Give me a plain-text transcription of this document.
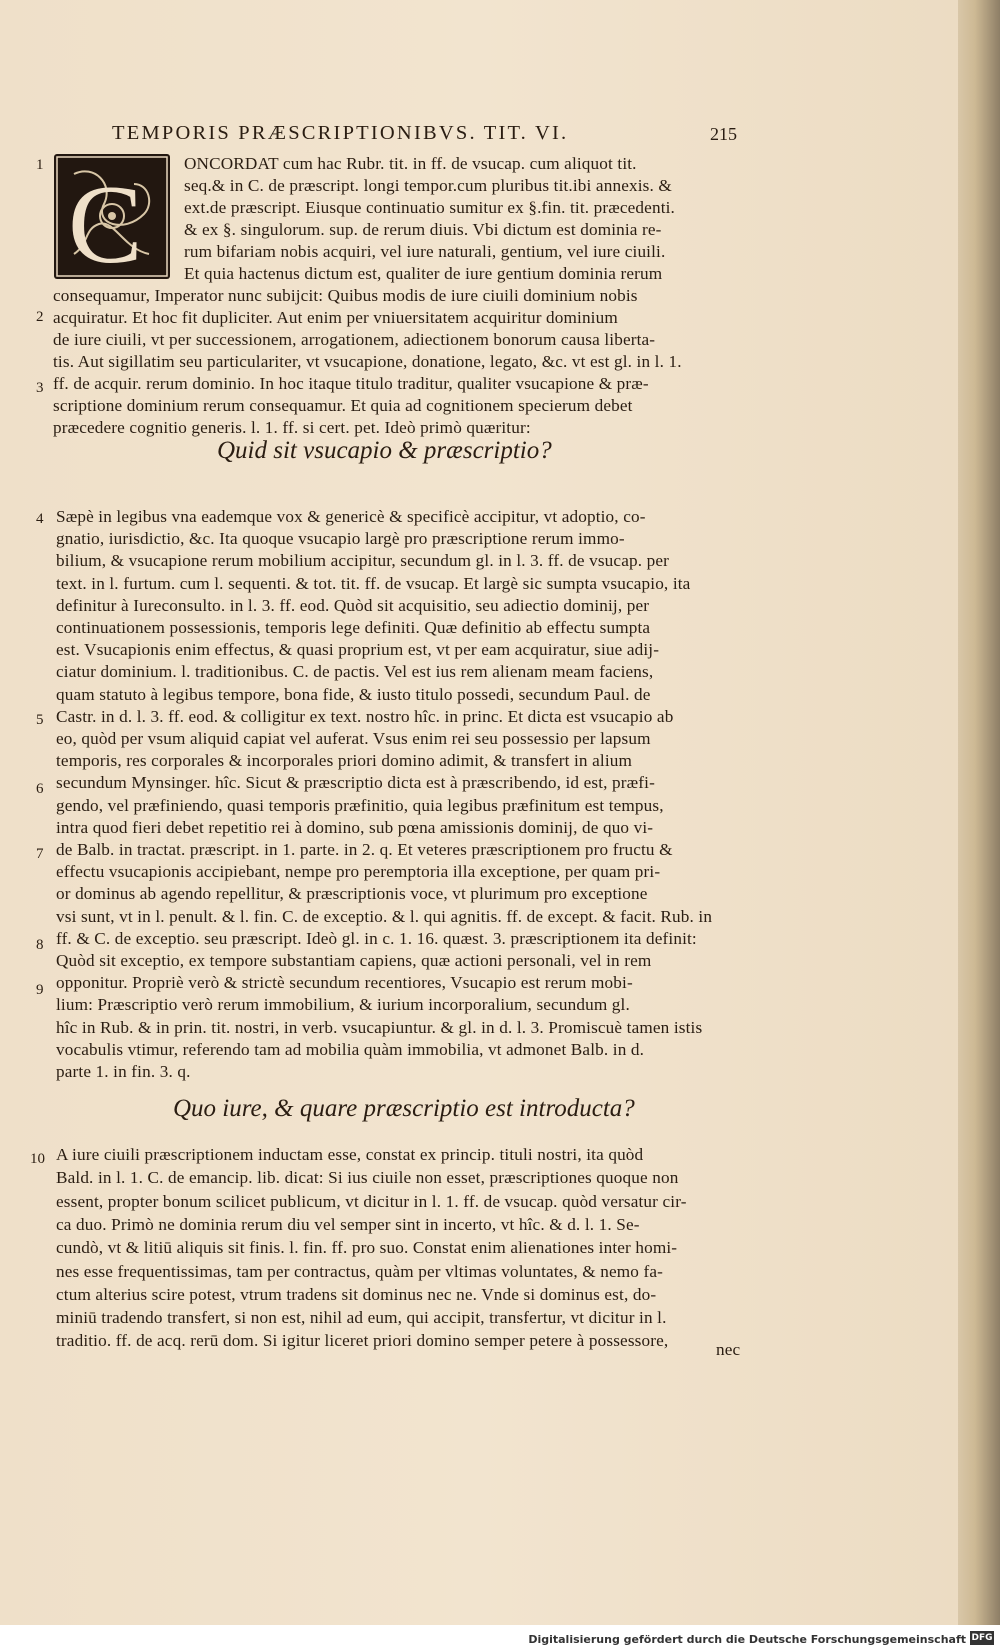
TEMPORIS PRÆSCRIPTIONIBVS. TIT. VI.	215
C ONCORDAT cum hac Rubr. tit. in ff. de vsucap. cum aliquot tit.
seq.& in C. de præscript. longi tempor.cum pluribus tit.ibi annexis. &
ext.de præscript. Eiusque continuatio sumitur ex §.fin. tit. præcedenti.
& ex §. singulorum. sup. de rerum diuis. Vbi dictum est dominia re-
rum bifariam nobis acquiri, vel iure naturali, gentium, vel iure ciuili.
Et quia hactenus dictum est, qualiter de iure gentium dominia rerum
consequamur, Imperator nunc subijcit: Quibus modis de iure ciuili dominium nobis
acquiratur. Et hoc fit dupliciter. Aut enim per vniuersitatem acquiritur dominium
de iure ciuili, vt per successionem, arrogationem, adiectionem bonorum causa liberta-
tis. Aut sigillatim seu particulariter, vt vsucapione, donatione, legato, &c. vt est gl. in l. 1.
ff. de acquir. rerum dominio. In hoc itaque titulo traditur, qualiter vsucapione & præ-
scriptione dominium rerum consequamur. Et quia ad cognitionem specierum debet
præcedere cognitio generis. l. 1. ff. si cert. pet. Ideò primò quæritur:
Quid sit vsucapio & præscriptio?
Sæpè in legibus vna eademque vox & genericè & specificè accipitur, vt adoptio, co-
gnatio, iurisdictio, &c. Ita quoque vsucapio largè pro præscriptione rerum immo-
bilium, & vsucapione rerum mobilium accipitur, secundum gl. in l. 3. ff. de vsucap. per
text. in l. furtum. cum l. sequenti. & tot. tit. ff. de vsucap. Et largè sic sumpta vsucapio, ita
definitur à Iureconsulto. in l. 3. ff. eod. Quòd sit acquisitio, seu adiectio dominij, per
continuationem possessionis, temporis lege definiti. Quæ definitio ab effectu sumpta
est. Vsucapionis enim effectus, & quasi proprium est, vt per eam acquiratur, siue adij-
ciatur dominium. l. traditionibus. C. de pactis. Vel est ius rem alienam meam faciens,
quam statuto à legibus tempore, bona fide, & iusto titulo possedi, secundum Paul. de
Castr. in d. l. 3. ff. eod. & colligitur ex text. nostro hîc. in princ. Et dicta est vsucapio ab
eo, quòd per vsum aliquid capiat vel auferat. Vsus enim rei seu possessio per lapsum
temporis, res corporales & incorporales priori domino adimit, & transfert in alium
secundum Mynsinger. hîc. Sicut & præscriptio dicta est à præscribendo, id est, præfi-
gendo, vel præfiniendo, quasi temporis præfinitio, quia legibus præfinitum est tempus,
intra quod fieri debet repetitio rei à domino, sub pœna amissionis dominij, de quo vi-
de Balb. in tractat. præscript. in 1. parte. in 2. q. Et veteres præscriptionem pro fructu &
effectu vsucapionis accipiebant, nempe pro peremptoria illa exceptione, per quam pri-
or dominus ab agendo repellitur, & præscriptionis voce, vt plurimum pro exceptione
vsi sunt, vt in l. penult. & l. fin. C. de exceptio. & l. qui agnitis. ff. de except. & facit. Rub. in
ff. & C. de exceptio. seu præscript. Ideò gl. in c. 1. 16. quæst. 3. præscriptionem ita definit:
Quòd sit exceptio, ex tempore substantiam capiens, quæ actioni personali, vel in rem
opponitur. Propriè verò & strictè secundum recentiores, Vsucapio est rerum mobi-
lium: Præscriptio verò rerum immobilium, & iurium incorporalium, secundum gl.
hîc in Rub. & in prin. tit. nostri, in verb. vsucapiuntur. & gl. in d. l. 3. Promiscuè tamen istis
vocabulis vtimur, referendo tam ad mobilia quàm immobilia, vt admonet Balb. in d.
parte 1. in fin. 3. q.
Quo iure, & quare præscriptio est introducta?
A iure ciuili præscriptionem inductam esse, constat ex princip. tituli nostri, ita quòd
Bald. in l. 1. C. de emancip. lib. dicat: Si ius ciuile non esset, præscriptiones quoque non
essent, propter bonum scilicet publicum, vt dicitur in l. 1. ff. de vsucap. quòd versatur cir-
ca duo. Primò ne dominia rerum diu vel semper sint in incerto, vt hîc. & d. l. 1. Se-
cundò, vt & litiū aliquis sit finis. l. fin. ff. pro suo. Constat enim alienationes inter homi-
nes esse frequentissimas, tam per contractus, quàm per vltimas voluntates, & nemo fa-
ctum alterius scire potest, vtrum tradens sit dominus nec ne. Vnde si dominus est, do-
miniū tradendo transfert, si non est, nihil ad eum, qui accipit, transfertur, vt dicitur in l.
traditio. ff. de acq. rerū dom. Si igitur liceret priori domino semper petere à possessore,	nec
1
2
3
4
5
6
7
8
9
10
Digitalisierung gefördert durch die Deutsche Forschungsgemeinschaft DFG
